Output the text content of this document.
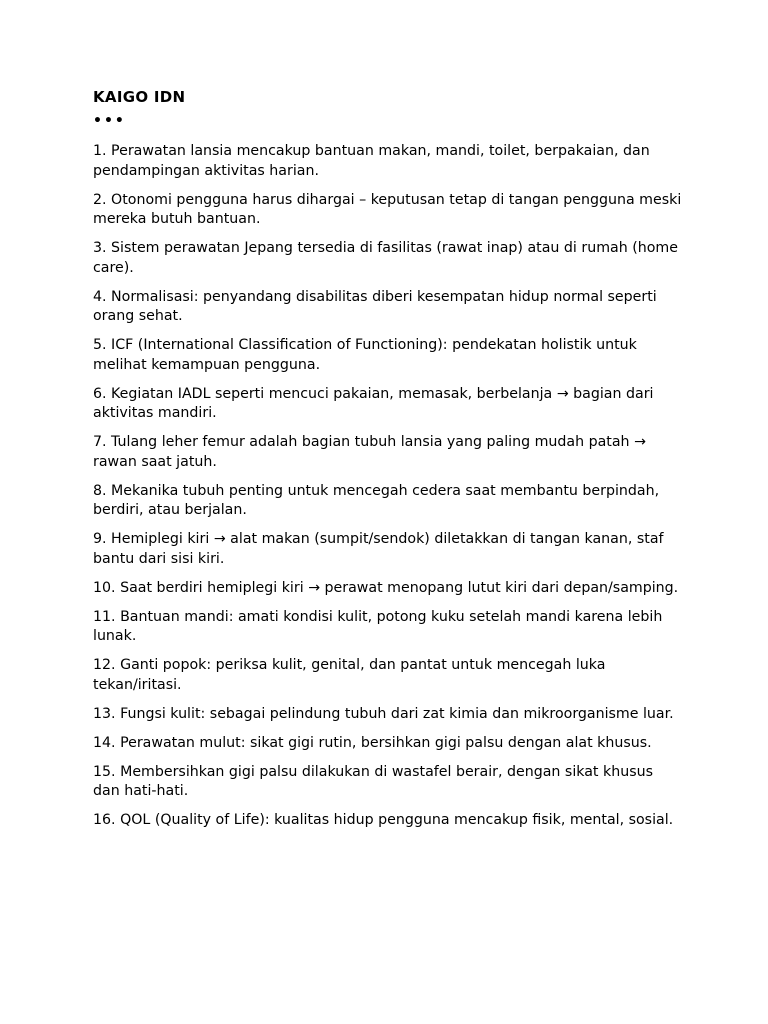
KAIGO IDN
•••
1. Perawatan lansia mencakup bantuan makan, mandi, toilet, berpakaian, dan pendampingan aktivitas harian.
2. Otonomi pengguna harus dihargai – keputusan tetap di tangan pengguna meski mereka butuh bantuan.
3. Sistem perawatan Jepang tersedia di fasilitas (rawat inap) atau di rumah (home care).
4. Normalisasi: penyandang disabilitas diberi kesempatan hidup normal seperti orang sehat.
5. ICF (International Classification of Functioning): pendekatan holistik untuk melihat kemampuan pengguna.
6. Kegiatan IADL seperti mencuci pakaian, memasak, berbelanja → bagian dari aktivitas mandiri.
7. Tulang leher femur adalah bagian tubuh lansia yang paling mudah patah → rawan saat jatuh.
8. Mekanika tubuh penting untuk mencegah cedera saat membantu berpindah, berdiri, atau berjalan.
9. Hemiplegi kiri → alat makan (sumpit/sendok) diletakkan di tangan kanan, staf bantu dari sisi kiri.
10. Saat berdiri hemiplegi kiri → perawat menopang lutut kiri dari depan/samping.
11. Bantuan mandi: amati kondisi kulit, potong kuku setelah mandi karena lebih lunak.
12. Ganti popok: periksa kulit, genital, dan pantat untuk mencegah luka tekan/iritasi.
13. Fungsi kulit: sebagai pelindung tubuh dari zat kimia dan mikroorganisme luar.
14. Perawatan mulut: sikat gigi rutin, bersihkan gigi palsu dengan alat khusus.
15. Membersihkan gigi palsu dilakukan di wastafel berair, dengan sikat khusus dan hati-hati.
16. QOL (Quality of Life): kualitas hidup pengguna mencakup fisik, mental, sosial.
